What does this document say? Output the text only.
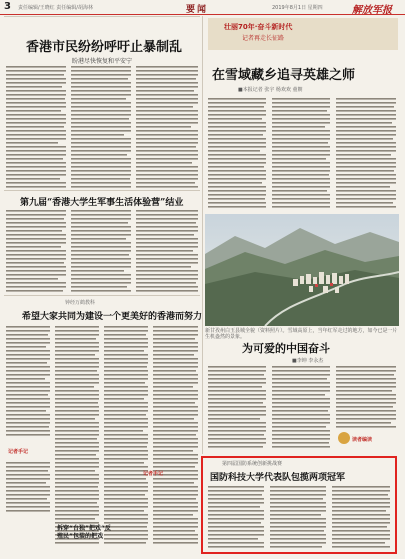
3 责任编辑/王晓红 责任编辑/胡海林	要闻	2019年8月1日 星期四	解放军报
香港市民纷纷呼吁止暴制乱
盼港尽快恢复和平安宁
第九届“香港大学生军事生活体验营”结业
钟经万鹤教科
希望大家共同为建设一个更美好的香港而努力
记者手记
记者手记
拆穿“台独”把戏“反殖民”包装的把戏
壮丽70年·奋斗新时代
记者再走长征路
在雪域藏乡追寻英雄之师
■本报记者 张宇 杨欢欢 童朝
新甘孜州白玉县城全貌（资料照片）。雪域高原上，当年红军走过的地方，如今已是一片生机盎然的景象。
为可爱的中国奋斗
■李坤 李永杰
读者编读
第四届国防系统创新挑战赛
国防科技大学代表队包揽两项冠军
